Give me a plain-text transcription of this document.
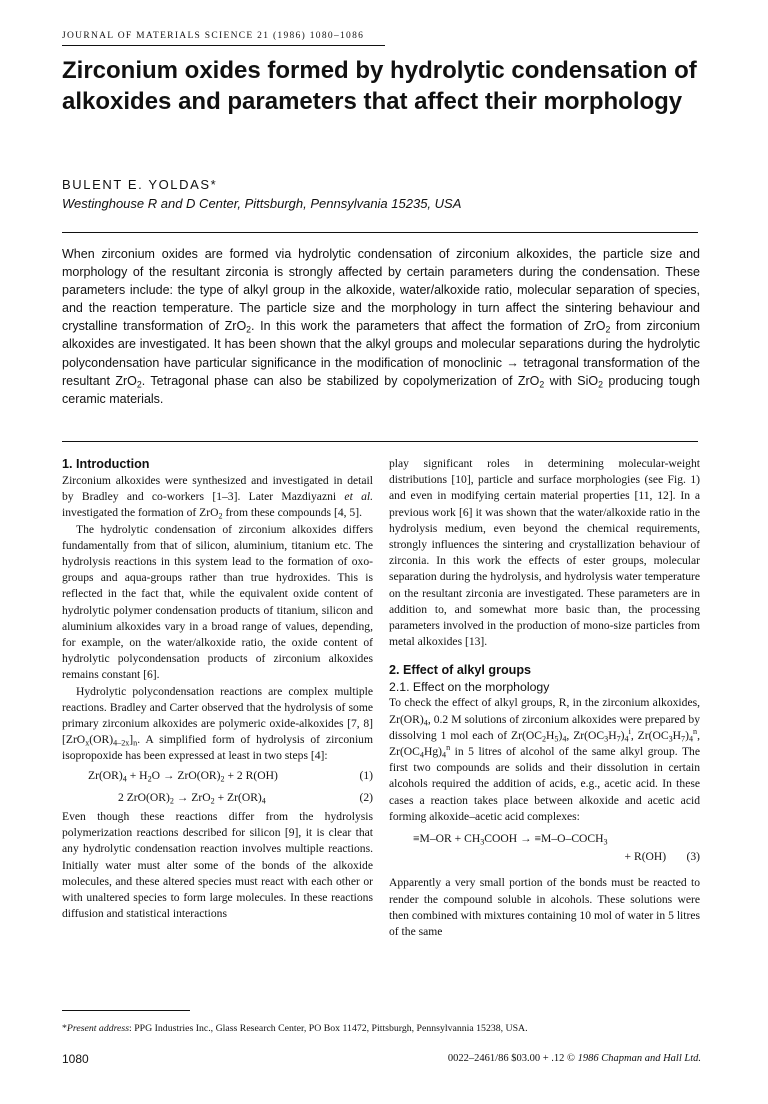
JOURNAL OF MATERIALS SCIENCE 21 (1986) 1080–1086
Zirconium oxides formed by hydrolytic condensation of alkoxides and parameters that affect their morphology
BULENT E. YOLDAS*
Westinghouse R and D Center, Pittsburgh, Pennsylvania 15235, USA
When zirconium oxides are formed via hydrolytic condensation of zirconium alkoxides, the particle size and morphology of the resultant zirconia is strongly affected by certain parameters during the condensation. These parameters include: the type of alkyl group in the alkoxide, water/alkoxide ratio, molecular separation of species, and the reaction temperature. The particle size and the morphology in turn affect the sintering behaviour and crystalline transformation of ZrO$_2$. In this work the parameters that affect the formation of ZrO$_2$ from zirconium alkoxides are investigated. It has been shown that the alkyl groups and molecular separations during the hydrolytic polycondensation have particular significance in the modification of monoclinic → tetragonal transformation of the resultant ZrO$_2$. Tetragonal phase can also be stabilized by copolymerization of ZrO$_2$ with SiO$_2$ producing tough ceramic materials.
1. Introduction

Zirconium alkoxides were synthesized and investigated in detail by Bradley and co-workers [1–3]. Later Mazdiyazni et al. investigated the formation of ZrO$_2$ from these compounds [4, 5].

The hydrolytic condensation of zirconium alkoxides differs fundamentally from that of silicon, aluminium, titanium etc. The hydrolysis reactions in this system lead to the formation of oxo-groups and aqua-groups rather than true hydroxides. This is reflected in the fact that, while the equivalent oxide content of hydrolytic polymer condensation products of titanium, silicon and aluminium alkoxides vary in a broad range of values, depending, for example, on the water/alkoxide ratio, the oxide content of hydrolytic polycondensation products of zirconium alkoxides remains constant [6].

Hydrolytic polycondensation reactions are complex multiple reactions. Bradley and Carter observed that the hydrolysis of some primary zirconium alkoxides are polymeric oxide-alkoxides [7, 8] $[ZrO_x(OR)_{4-2x}]_n$. A simplified form of hydrolysis of zirconium isopropoxide has been expressed at least in two steps [4]:

$Zr(OR)_4 + H_2O \to ZrO(OR)_2 + 2$ R(OH)	(1)
2 $ZrO(OR)_2 \to ZrO_2 + Zr(OR)_4$	(2)

Even though these reactions differ from the hydrolysis polymerization reactions described for silicon [9], it is clear that any hydrolytic condensation reaction involves multiple reactions. Initially water must alter some of the bonds of the alkoxide molecules, and these altered species must react with each other or with unaltered species to form large molecules. In these reactions diffusion and statistical interactions

play significant roles in determining molecular-weight distributions [10], particle and surface morphologies (see Fig. 1) and even in modifying certain material properties [11, 12]. In a previous work [6] it was shown that the water/alkoxide ratio in the hydrolysis medium, even beyond the chemical requirements, strongly influences the sintering and crystallization behaviour of zirconia. In this work the effects of ester groups, molecular separation during the hydrolysis, and hydrolysis water temperature on the resultant zirconia are investigated. These parameters are in addition to, and somewhat more basic than, the processing parameters involved in the production of mono-size particles from metal alkoxides [13].

2. Effect of alkyl groups
2.1. Effect on the morphology

To check the effect of alkyl groups, R, in the zirconium alkoxides, $Zr(OR)_4$, 0.2 M solutions of zirconium alkoxides were prepared by dissolving 1 mol each of $Zr(OC_2H_5)_4$, $Zr(OC_3H_7)_4^i$, $Zr(OC_3H_7)_4^n$, $Zr(OC_4Hg)_4^n$ in 5 litres of alcohol of the same alkyl group. The first two compounds are solids and their dissolution in certain alcohols required the addition of acids, e.g., acetic acid. In these cases a reaction takes place between alkoxide and acetic acid forming alkoxide–acetic acid complexes:

$\equiv M-OR + CH_3COOH$ → $\equiv M-O-COCH_3$
+ R(OH) (3)

Apparently a very small portion of the bonds must be reacted to render the compound soluble in alcohols. These solutions were then combined with mixtures containing 10 mol of water in 5 litres of the same

*Present address: PPG Industries Inc., Glass Research Center, PO Box 11472, Pittsburgh, Pennsylvannia 15238, USA.
1080	0022–2461/86 $03.00 + .12 © 1986 Chapman and Hall Ltd.
